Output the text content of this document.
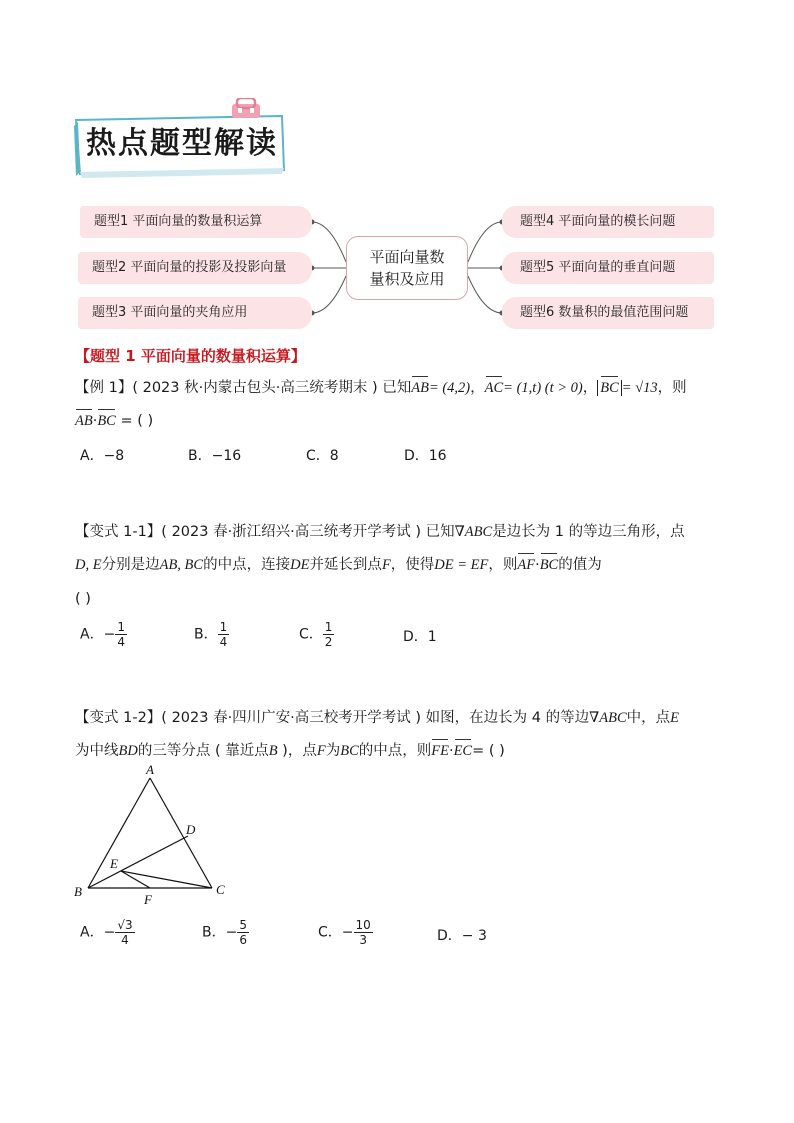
热点题型解读
题型1 平面向量的数量积运算
题型2 平面向量的投影及投影向量
题型3 平面向量的夹角应用
平面向量数
量积及应用
题型4 平面向量的模长问题
题型5 平面向量的垂直问题
题型6 数量积的最值范围问题
【题型 1 平面向量的数量积运算】
【例 1】( 2023 秋·内蒙古包头·高三统考期末 ) 已知AB= (4,2)，AC= (1,t) (t > 0)， BC = √13，则
AB·BC = ( )
A．−8	B．−16	C．8	D．16
【变式 1-1】( 2023 春·浙江绍兴·高三统考开学考试 ) 已知∇ABC是边长为 1 的等边三角形，点
D, E分别是边AB, BC的中点，连接DE并延长到点F，使得DE = EF，则AF·BC的值为
( )
A．− $\frac{1}{4}$	B． $\frac{1}{4}$	C． $\frac{1}{2}$	D．1
【变式 1-2】( 2023 春·四川广安·高三校考开学考试 ) 如图，在边长为 4 的等边∇ABC中，点E
为中线BD的三等分点 ( 靠近点B )，点F为BC的中点，则FE·EC= ( )
A
B	C
D
E
F
A．− $\frac{√3}{4}$	B．− $\frac{5}{6}$	C．− $\frac{10}{3}$	D．− 3
